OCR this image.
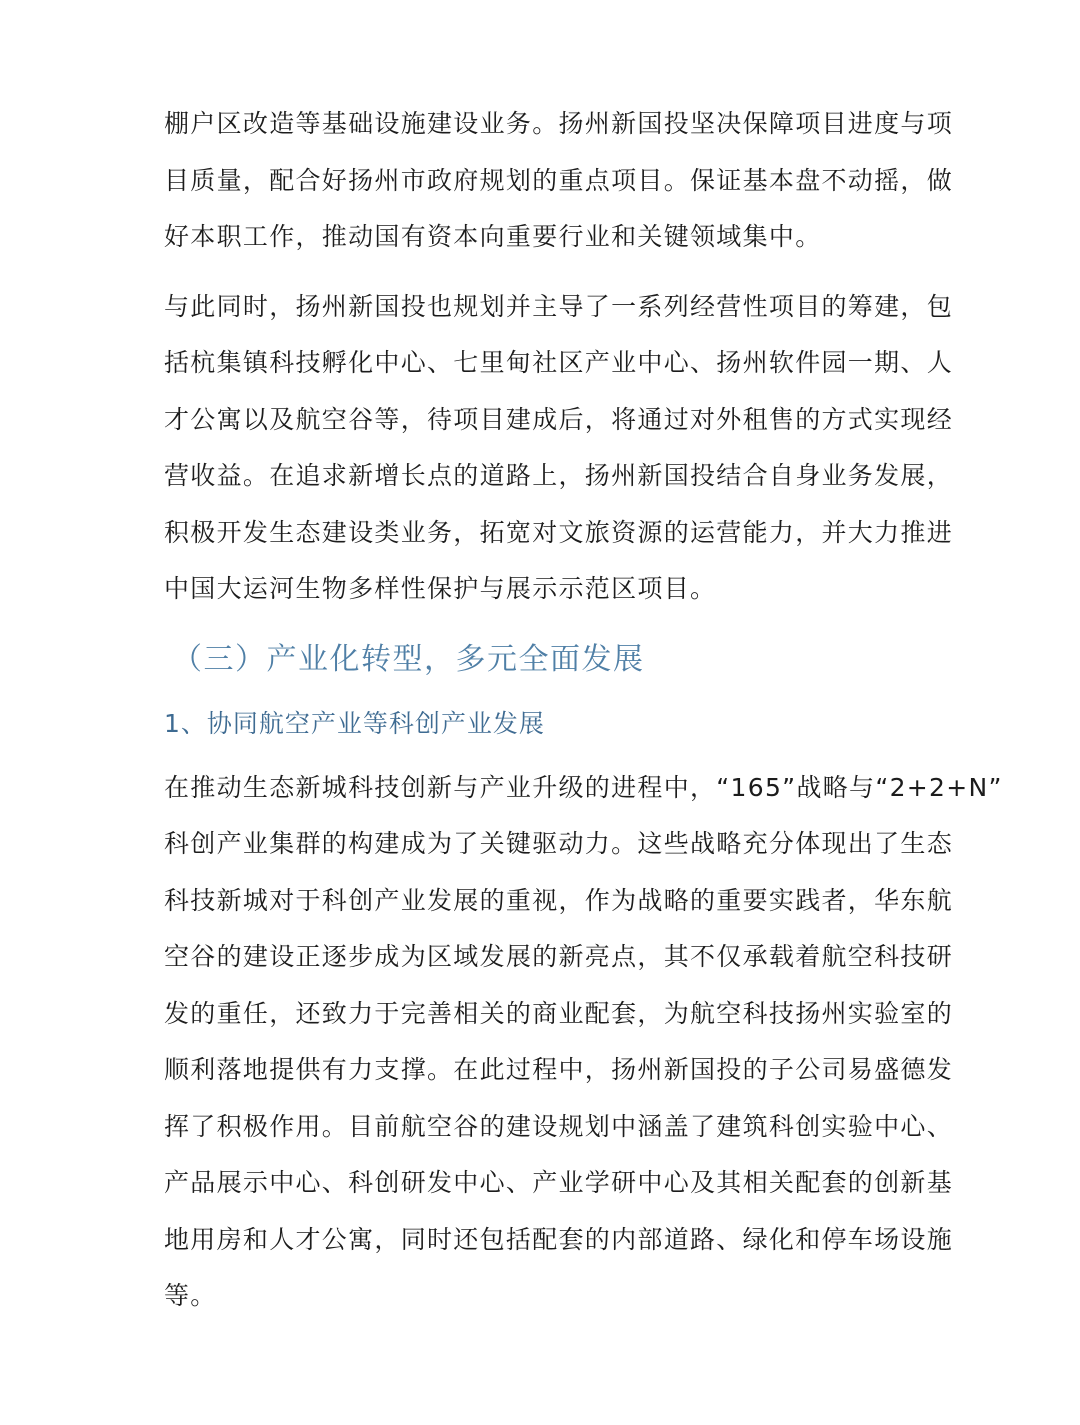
棚户区改造等基础设施建设业务。扬州新国投坚决保障项目进度与项
目质量，配合好扬州市政府规划的重点项目。保证基本盘不动摇，做
好本职工作，推动国有资本向重要行业和关键领域集中。

与此同时，扬州新国投也规划并主导了一系列经营性项目的筹建，包
括杭集镇科技孵化中心、七里甸社区产业中心、扬州软件园一期、人
才公寓以及航空谷等，待项目建成后，将通过对外租售的方式实现经
营收益。在追求新增长点的道路上，扬州新国投结合自身业务发展，
积极开发生态建设类业务，拓宽对文旅资源的运营能力，并大力推进
中国大运河生物多样性保护与展示示范区项目。

（三）产业化转型，多元全面发展
1、协同航空产业等科创产业发展

在推动生态新城科技创新与产业升级的进程中，“165”战略与“2+2+N”
科创产业集群的构建成为了关键驱动力。这些战略充分体现出了生态
科技新城对于科创产业发展的重视，作为战略的重要实践者，华东航
空谷的建设正逐步成为区域发展的新亮点，其不仅承载着航空科技研
发的重任，还致力于完善相关的商业配套，为航空科技扬州实验室的
顺利落地提供有力支撑。在此过程中，扬州新国投的子公司易盛德发
挥了积极作用。目前航空谷的建设规划中涵盖了建筑科创实验中心、
产品展示中心、科创研发中心、产业学研中心及其相关配套的创新基
地用房和人才公寓，同时还包括配套的内部道路、绿化和停车场设施
等。
